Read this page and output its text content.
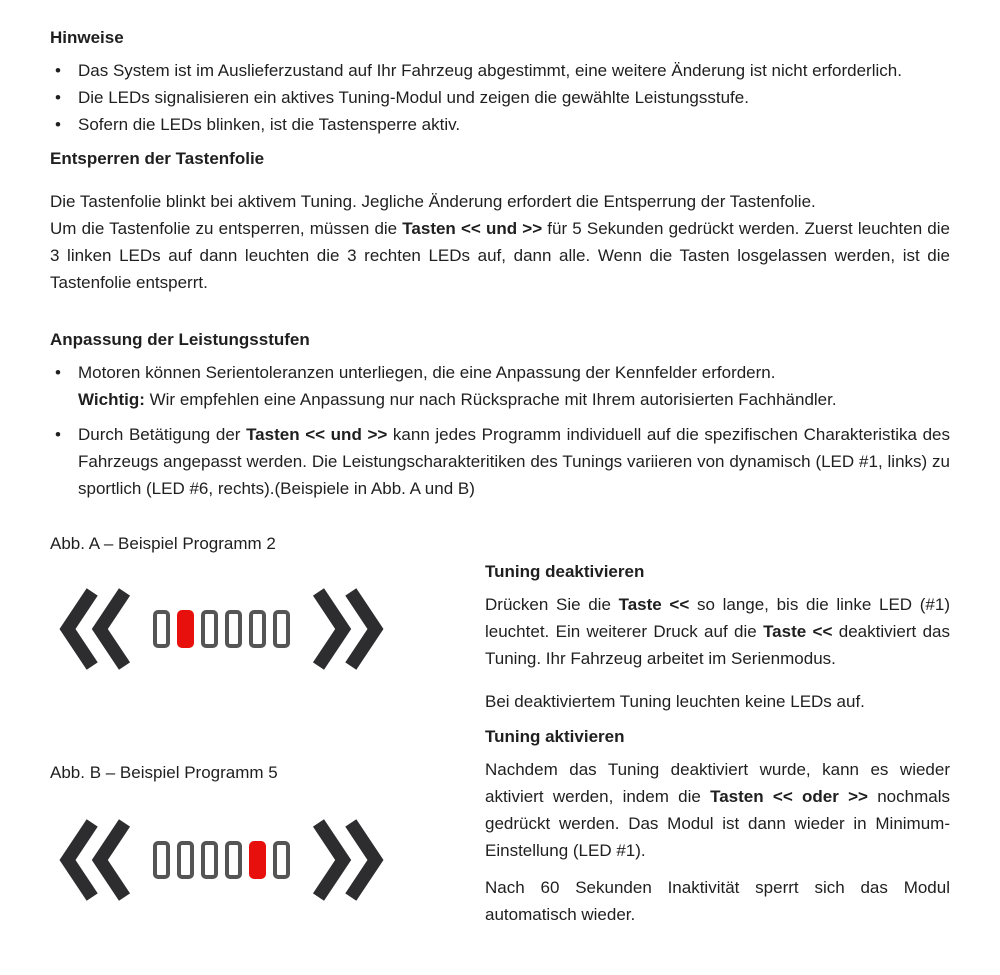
Hinweise
• Das System ist im Auslieferzustand auf Ihr Fahrzeug abgestimmt, eine weitere Änderung ist nicht erforderlich.
• Die LEDs signalisieren ein aktives Tuning-Modul und zeigen die gewählte Leistungsstufe.
• Sofern die LEDs blinken, ist die Tastensperre aktiv.
Entsperren der Tastenfolie

Die Tastenfolie blinkt bei aktivem Tuning. Jegliche Änderung erfordert die Entsperrung der Tastenfolie.
Um die Tastenfolie zu entsperren, müssen die Tasten << und >> für 5 Sekunden gedrückt werden. Zuerst leuchten die 3 linken LEDs auf dann leuchten die 3 rechten LEDs auf, dann alle. Wenn die Tasten losgelassen werden, ist die Tastenfolie entsperrt.

Anpassung der Leistungsstufen
• Motoren können Serientoleranzen unterliegen, die eine Anpassung der Kennfelder erfordern.
Wichtig: Wir empfehlen eine Anpassung nur nach Rücksprache mit Ihrem autorisierten Fachhändler.
• Durch Betätigung der Tasten << und >> kann jedes Programm individuell auf die spezifischen Charakteristika des Fahrzeugs angepasst werden. Die Leistungscharakteritiken des Tunings variieren von dynamisch (LED #1, links) zu sportlich (LED #6, rechts).(Beispiele in Abb. A und B)

Abb. A – Beispiel Programm 2

Abb. B – Beispiel Programm 5

Tuning deaktivieren

Drücken Sie die Taste << so lange, bis die linke LED (#1) leuchtet. Ein weiterer Druck auf die Taste << deaktiviert das Tuning. Ihr Fahrzeug arbeitet im Serienmodus.

Bei deaktiviertem Tuning leuchten keine LEDs auf.

Tuning aktivieren

Nachdem das Tuning deaktiviert wurde, kann es wieder aktiviert werden, indem die Tasten << oder >> nochmals gedrückt werden. Das Modul ist dann wieder in Minimum-Einstellung (LED #1).

Nach 60 Sekunden Inaktivität sperrt sich das Modul automatisch wieder.
